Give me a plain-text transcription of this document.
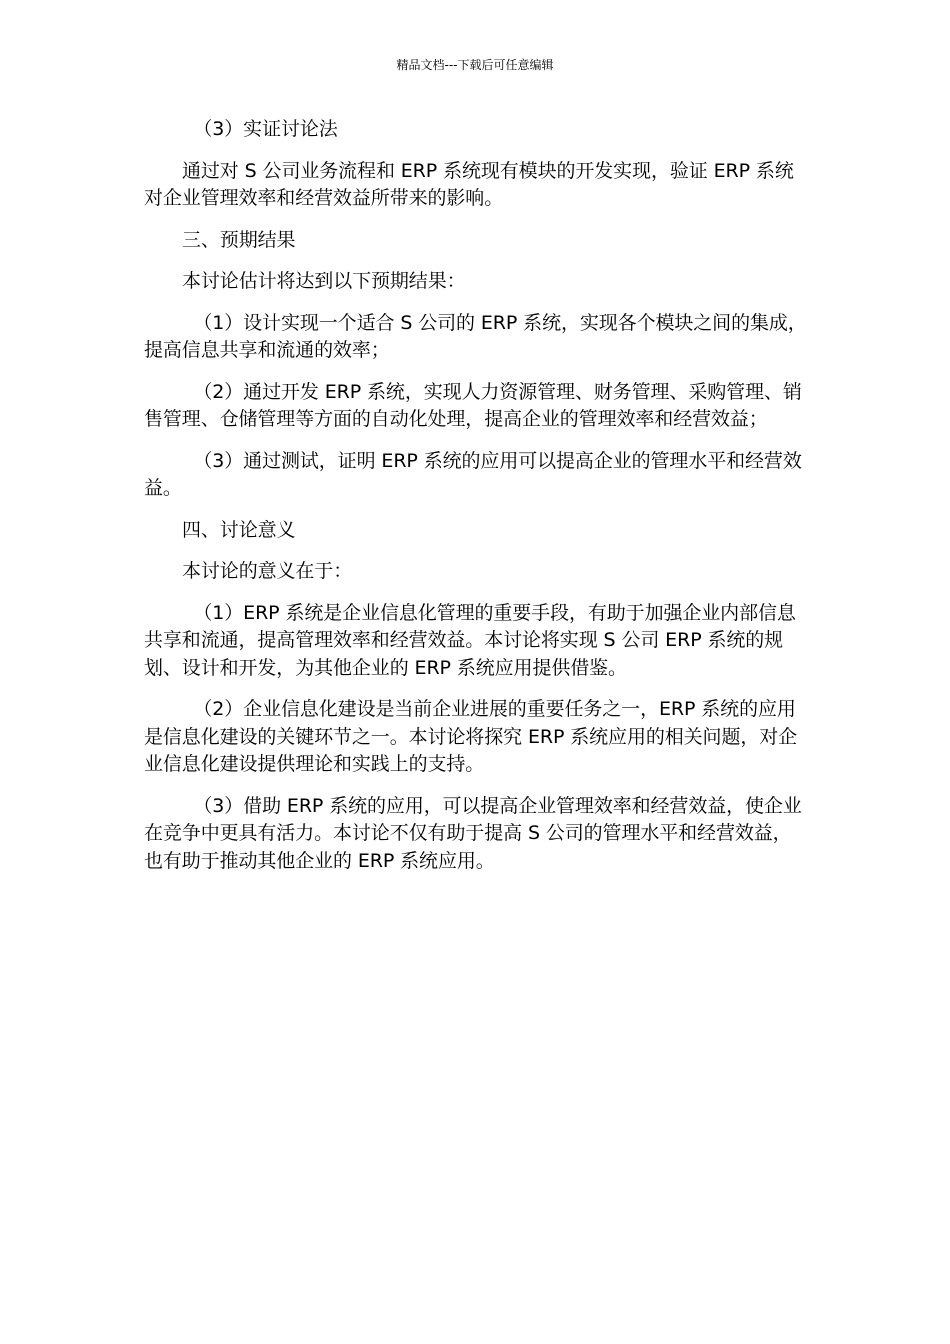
精品文档---下载后可任意编辑

（3）实证讨论法

通过对 S 公司业务流程和 ERP 系统现有模块的开发实现，验证 ERP 系统对企业管理效率和经营效益所带来的影响。

三、预期结果

本讨论估计将达到以下预期结果：

（1）设计实现一个适合 S 公司的 ERP 系统，实现各个模块之间的集成，提高信息共享和流通的效率；

（2）通过开发 ERP 系统，实现人力资源管理、财务管理、采购管理、销售管理、仓储管理等方面的自动化处理，提高企业的管理效率和经营效益；

（3）通过测试，证明 ERP 系统的应用可以提高企业的管理水平和经营效益。

四、讨论意义

本讨论的意义在于：

（1）ERP 系统是企业信息化管理的重要手段，有助于加强企业内部信息共享和流通，提高管理效率和经营效益。本讨论将实现 S 公司 ERP 系统的规划、设计和开发，为其他企业的 ERP 系统应用提供借鉴。

（2）企业信息化建设是当前企业进展的重要任务之一，ERP 系统的应用是信息化建设的关键环节之一。本讨论将探究 ERP 系统应用的相关问题，对企业信息化建设提供理论和实践上的支持。

（3）借助 ERP 系统的应用，可以提高企业管理效率和经营效益，使企业在竞争中更具有活力。本讨论不仅有助于提高 S 公司的管理水平和经营效益，也有助于推动其他企业的 ERP 系统应用。
